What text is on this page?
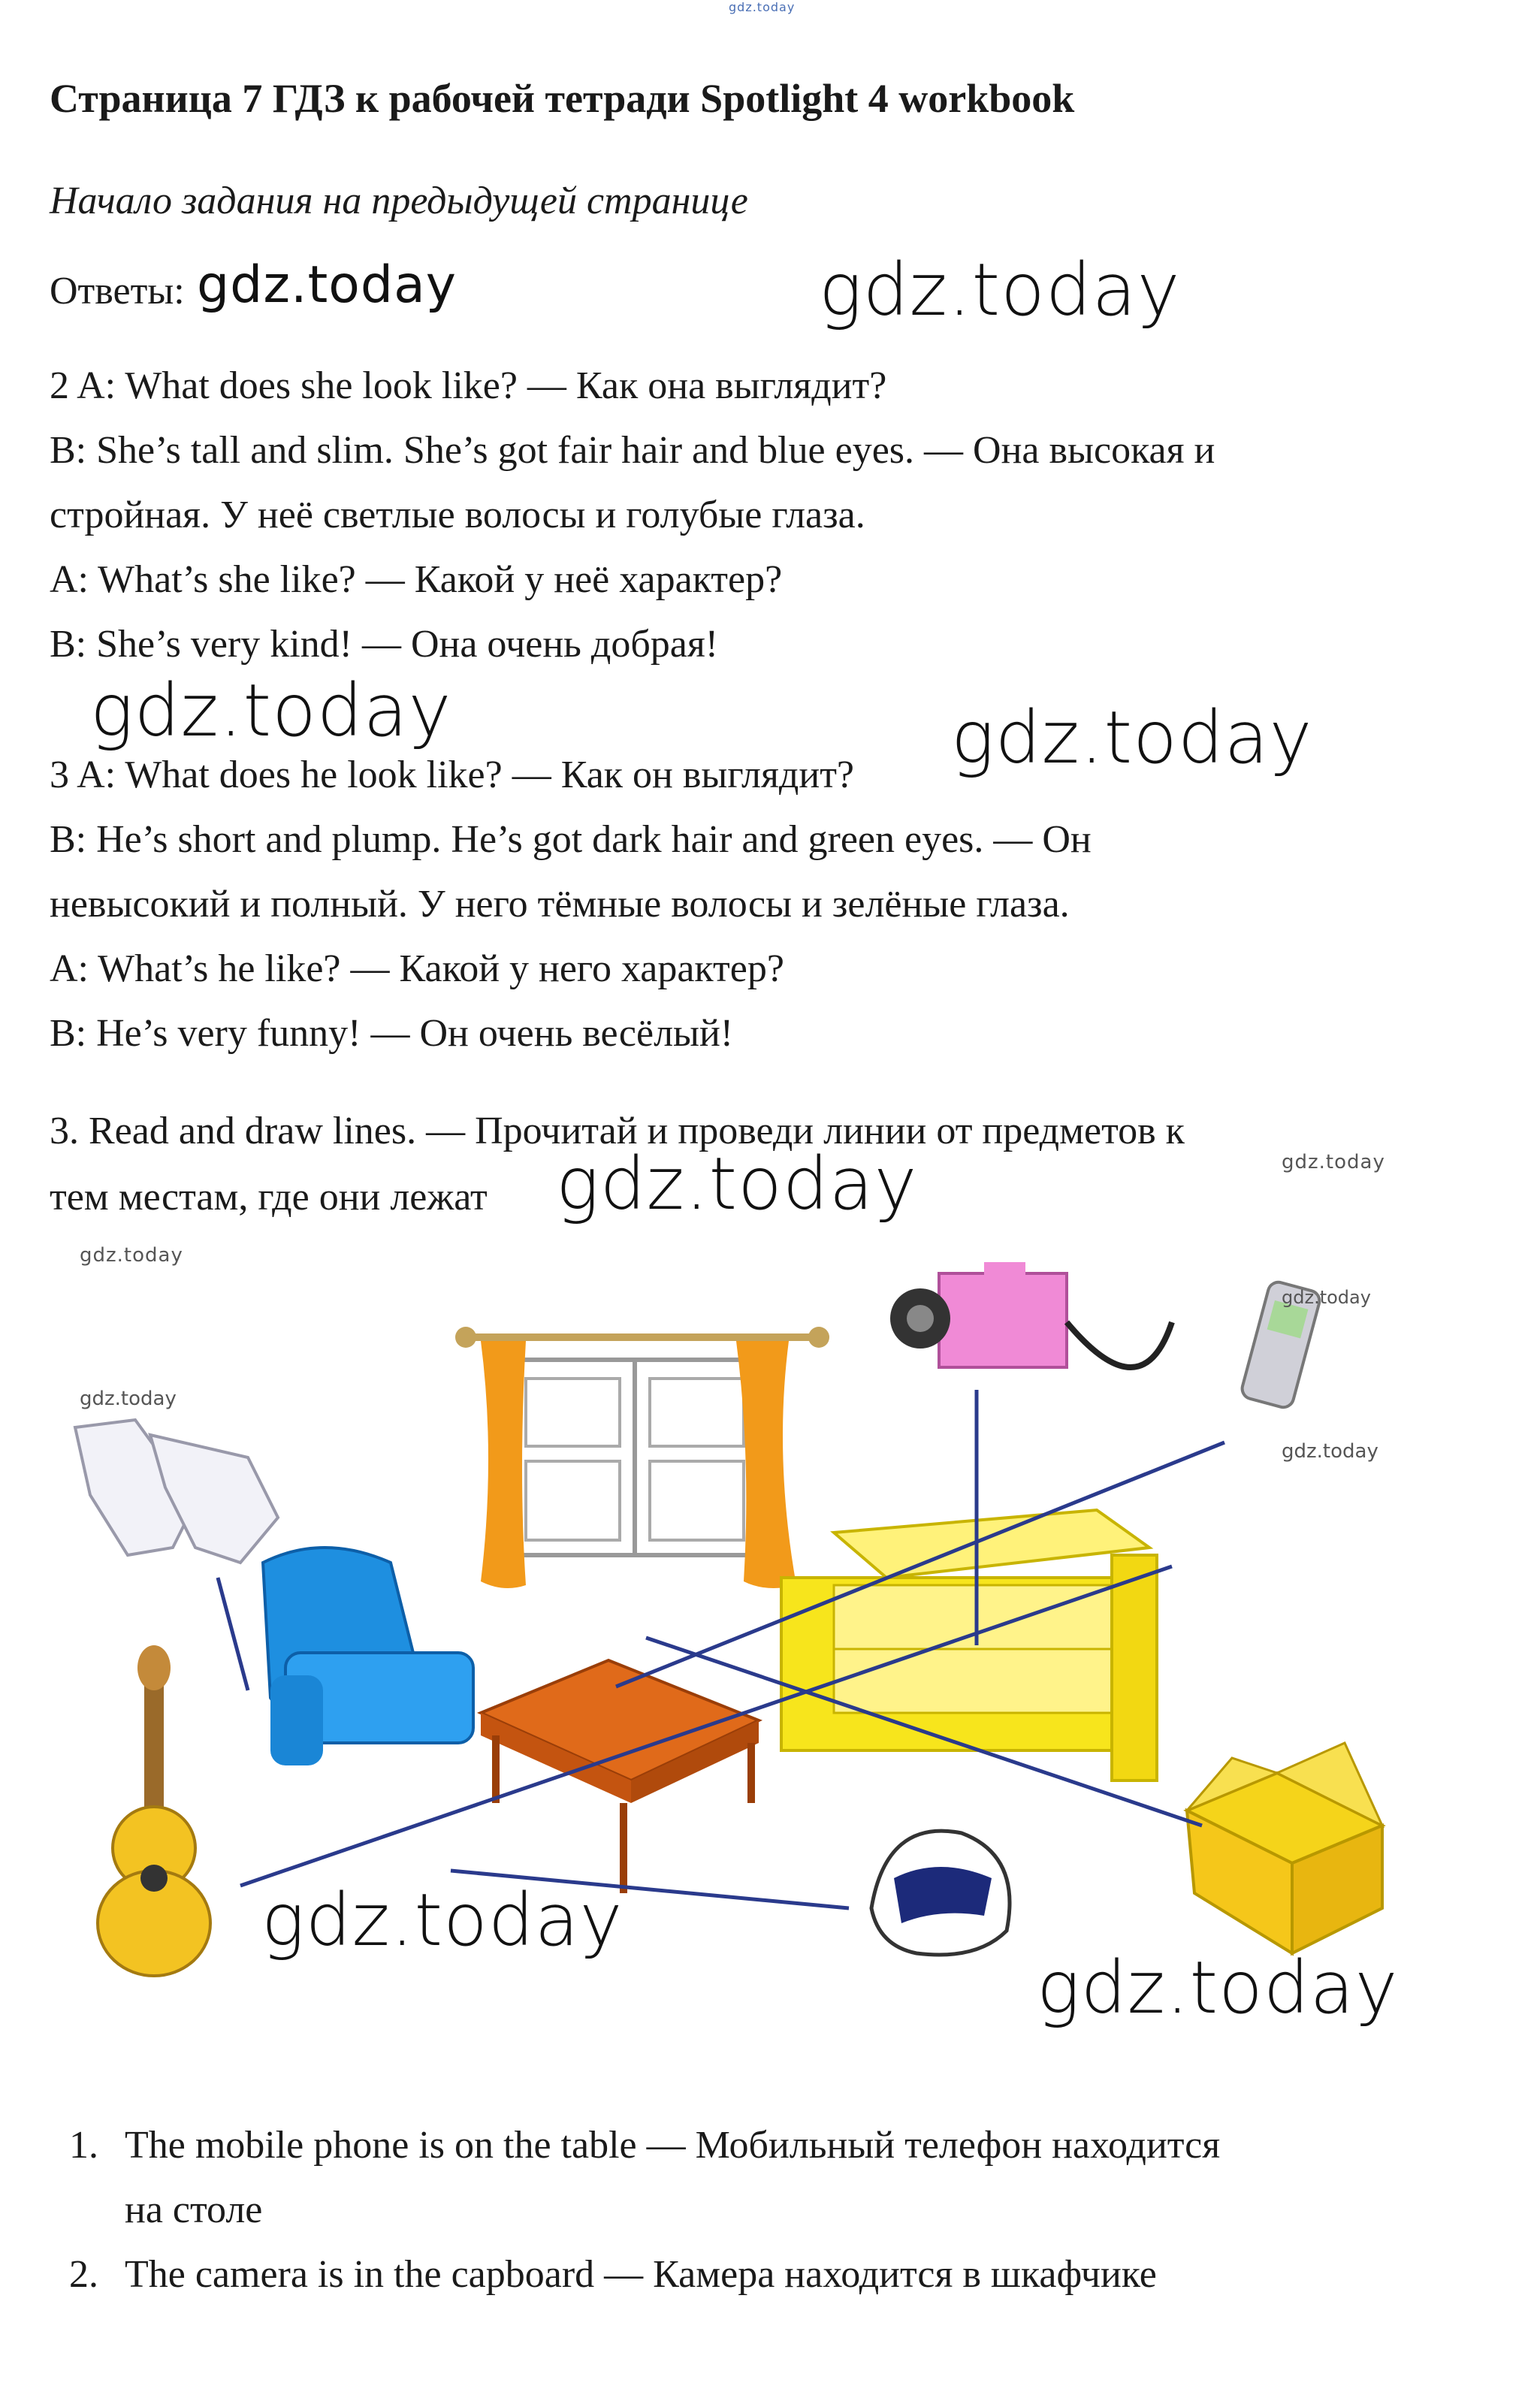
gdz.today
Страница 7 ГДЗ к рабочей тетради Spotlight 4 workbook
Начало задания на предыдущей странице
Ответы: gdz.today	gdz.today
2 A: What does she look like? — Как она выглядит?
B: She’s tall and slim. She’s got fair hair and blue eyes. — Она высокая и
стройная. У неё светлые волосы и голубые глаза.
A: What’s she like? — Какой у неё характер?
B: She’s very kind! — Она очень добрая!
gdz.today	gdz.today
3 A: What does he look like? — Как он выглядит?
B: He’s short and plump. He’s got dark hair and green eyes. — Он
невысокий и полный. У него тёмные волосы и зелёные глаза.
A: What’s he like? — Какой у него характер?
B: He’s very funny! — Он очень весёлый!
3. Read and draw lines. — Прочитай и проведи линии от предметов к
тем местам, где они лежат gdz.today	gdz.today
gdz.today
gdz.today
gdz.today
gdz.today
gdz.today
gdz.today
1. The mobile phone is on the table — Мобильный телефон находится
на столе
2. The camera is in the capboard — Камера находится в шкафчике
